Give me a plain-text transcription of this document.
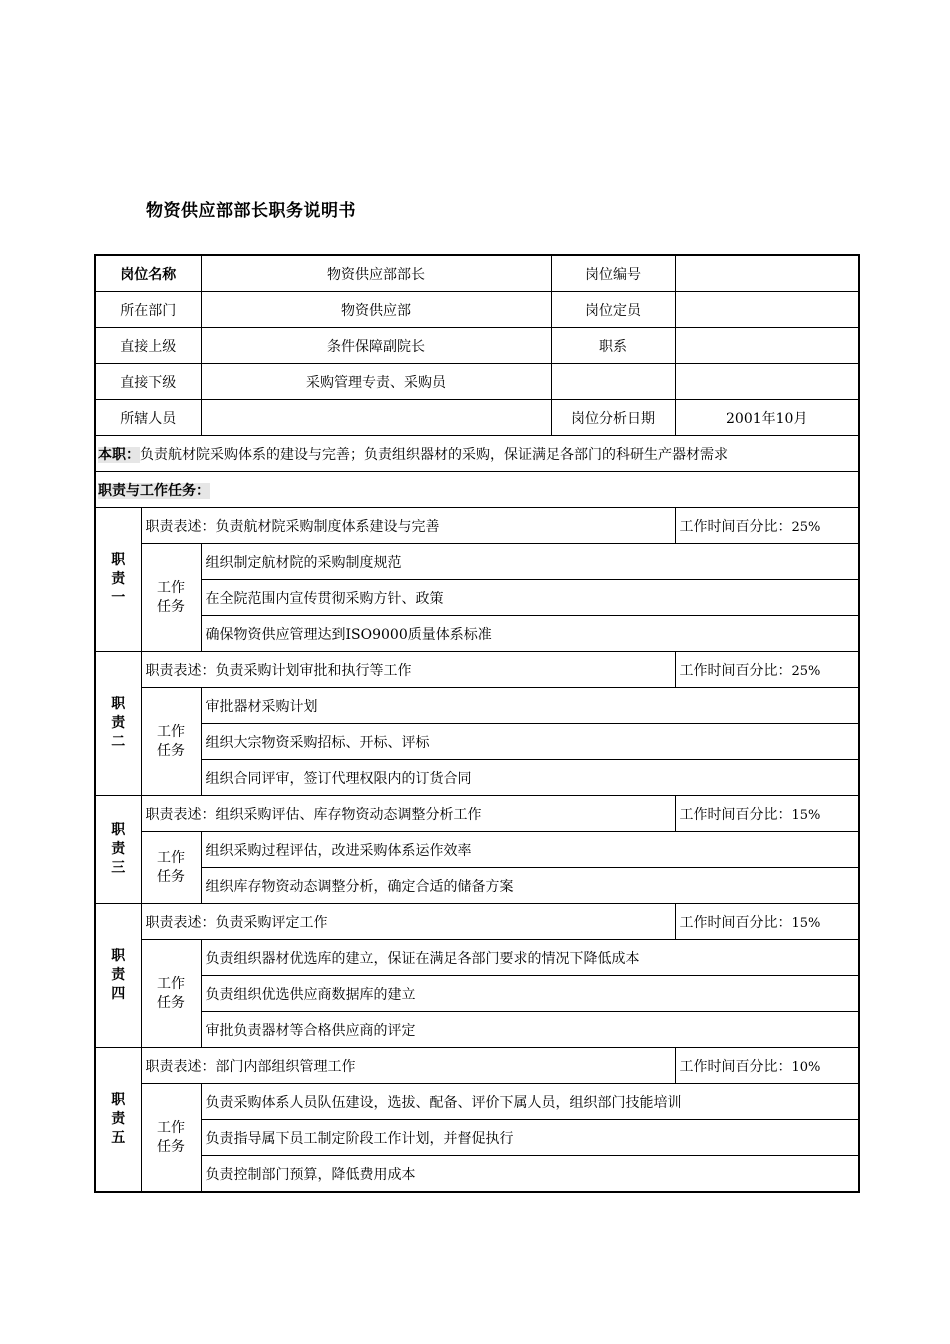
物资供应部部长职务说明书
岗位名称		物资供应部部长	岗位编号	
所在部门		物资供应部	岗位定员	
直接上级		条件保障副院长	职系	
直接下级		采购管理专责、采购员		
所辖人员			岗位分析日期	2001年10月
本职：负责航材院采购体系的建设与完善；负责组织器材的采购，保证满足各部门的科研生产器材需求				
职责与工作任务：				
职责一	职责表述：负责航材院采购制度体系建设与完善			工作时间百分比：25%
	工作任务	组织制定航材院的采购制度规范		
		在全院范围内宣传贯彻采购方针、政策		
		确保物资供应管理达到ISO9000质量体系标准		
职责二	职责表述：负责采购计划审批和执行等工作			工作时间百分比：25%
	工作任务	审批器材采购计划		
		组织大宗物资采购招标、开标、评标		
		组织合同评审，签订代理权限内的订货合同		
职责三	职责表述：组织采购评估、库存物资动态调整分析工作			工作时间百分比：15%
	工作任务	组织采购过程评估，改进采购体系运作效率		
		组织库存物资动态调整分析，确定合适的储备方案		
职责四	职责表述：负责采购评定工作			工作时间百分比：15%
	工作任务	负责组织器材优选库的建立，保证在满足各部门要求的情况下降低成本		
		负责组织优选供应商数据库的建立		
		审批负责器材等合格供应商的评定		
职责五	职责表述：部门内部组织管理工作			工作时间百分比：10%
	工作任务	负责采购体系人员队伍建设，选拔、配备、评价下属人员，组织部门技能培训		
		负责指导属下员工制定阶段工作计划，并督促执行		
		负责控制部门预算，降低费用成本		
